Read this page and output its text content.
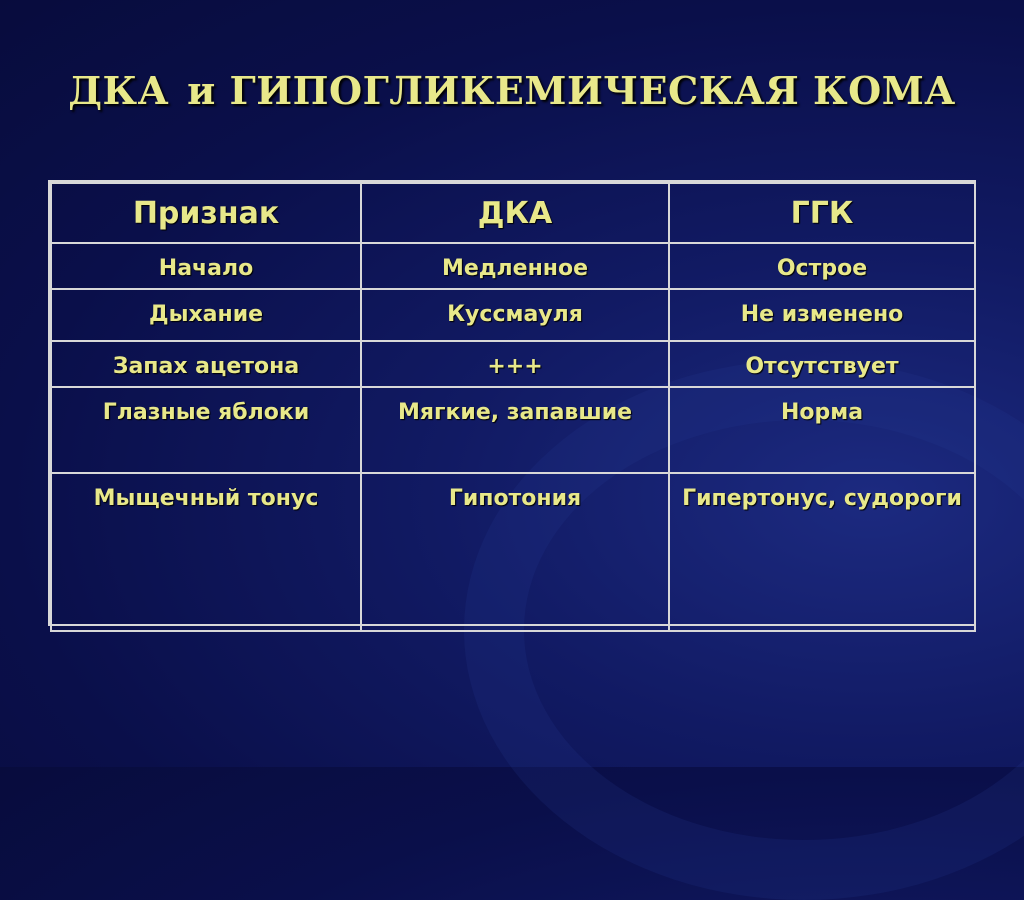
ДКА и ГИПОГЛИКЕМИЧЕСКАЯ КОМА
Признак	ДКА	ГГК
Начало	Медленное	Острое
Дыхание	Куссмауля	Не изменено
Запах ацетона	+++	Отсутствует
Глазные яблоки	Мягкие, запавшие	Норма
Мыщечный тонус	Гипотония	Гипертонус, судороги
